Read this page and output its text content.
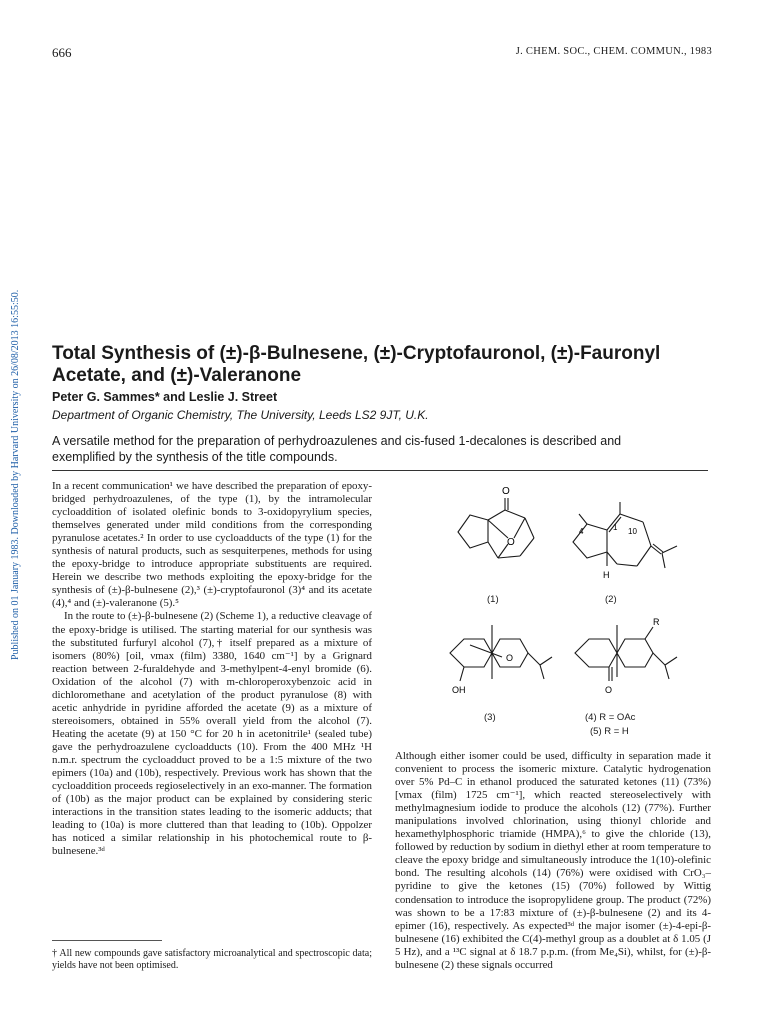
666	J. CHEM. SOC., CHEM. COMMUN., 1983
Published on 01 January 1983. Downloaded by Harvard University on 26/08/2013 16:55:50. Total Synthesis of (±)-β-Bulnesene, (±)-Cryptofauronol, (±)-Fauronyl Acetate, and (±)-Valeranone
Peter G. Sammes* and Leslie J. Street
Department of Organic Chemistry, The University, Leeds LS2 9JT, U.K.

A versatile method for the preparation of perhydroazulenes and cis-fused 1-decalones is described and exemplified by the synthesis of the title compounds.

In a recent communication¹ we have described the preparation of epoxy-bridged perhydroazulenes, of the type (1), by the intramolecular cycloaddition of isolated olefinic bonds to 3-oxidopyrylium species, themselves generated under mild conditions from the corresponding pyranulose acetates.² In order to use cycloadducts of the type (1) for the synthesis of natural products, such as sesquiterpenes, methods for using the epoxy-bridge to introduce appropriate substituents are required. Herein we describe two methods exploiting the epoxy-bridge for the synthesis of (±)-β-bulnesene (2),³ (±)-cryptofauronol (3)⁴ and its acetate (4),⁴ and (±)-valeranone (5).⁵

In the route to (±)-β-bulnesene (2) (Scheme 1), a reductive cleavage of the epoxy-bridge is utilised. The starting material for our synthesis was the substituted furfuryl alcohol (7),† itself prepared as a mixture of isomers (80%) [oil, νmax (film) 3380, 1640 cm⁻¹] by a Grignard reaction between 2-furaldehyde and 3-methylpent-4-enyl bromide (6). Oxidation of the alcohol (7) with m-chloroperoxybenzoic acid in dichloromethane and acetylation of the product pyranulose (8) with acetic anhydride in pyridine afforded the acetate (9) as a mixture of stereoisomers, obtained in 55% overall yield from the alcohol (7). Heating the acetate (9) at 150 °C for 20 h in acetonitrile¹ (sealed tube) gave the perhydroazulene cycloadducts (10). From the 400 MHz ¹H n.m.r. spectrum the cycloadduct proved to be a 1:5 mixture of the two epimers (10a) and (10b), respectively. Previous work has shown that the cycloaddition proceeds regioselectively in an exo-manner. The formation of (10b) as the major product can be explained by considering steric interactions in the transition states leading to the isomeric adducts; that leading to (10a) is more cluttered than that leading to (10b). Oppolzer has noticed a similar relationship in his photochemical route to β-bulnesene.³ᵈ

† All new compounds gave satisfactory microanalytical and spectroscopic data; yields have not been optimised.
O
O
(1)
1 10
4
H
(2)
O
OH
(3)
R
O
(4) R = OAc
(5) R = H

Although either isomer could be used, difficulty in separation made it convenient to process the isomeric mixture. Catalytic hydrogenation over 5% Pd–C in ethanol produced the saturated ketones (11) (73%) [νmax (film) 1725 cm⁻¹], which reacted stereoselectively with methylmagnesium iodide to produce the alcohols (12) (77%). Further manipulations involved chlorination, using thionyl chloride and hexamethylphosphoric triamide (HMPA),⁶ to give the chloride (13), followed by reduction by sodium in diethyl ether at room temperature to cleave the epoxy bridge and simultaneously introduce the 1(10)-olefinic bond. The resulting alcohols (14) (76%) were oxidised with CrO₃–pyridine to give the ketones (15) (70%) followed by Wittig condensation to introduce the isopropylidene group. The product (72%) was shown to be a 17:83 mixture of (±)-β-bulnesene (2) and its 4-epimer (16), respectively. As expected³ᵈ the major isomer (±)-4-epi-β-bulnesene (16) exhibited the C(4)-methyl group as a doublet at δ 1.05 (J 5 Hz), and a ¹³C signal at δ 18.7 p.p.m. (from Me₄Si), whilst, for (±)-β-bulnesene (2) these signals occurred
